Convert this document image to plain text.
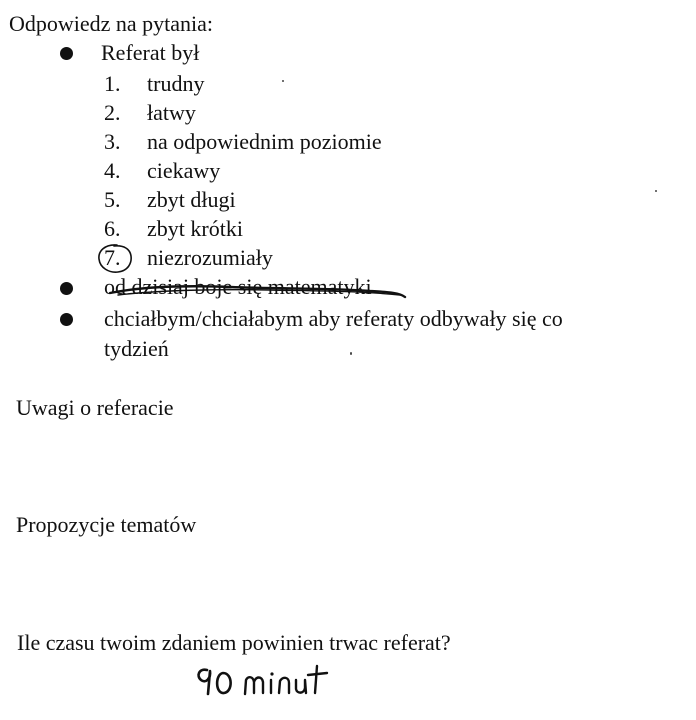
Odpowiedz na pytania:
Referat był
1. trudny
2. łatwy
3. na odpowiednim poziomie
4. ciekawy
5. zbyt długi
6. zbyt krótki
7. niezrozumiały
od dzisiaj boje się matematyki
chciałbym/chciałabym aby referaty odbywały się co
tydzień
Uwagi o referacie
Propozycje tematów
Ile czasu twoim zdaniem powinien trwac referat?
